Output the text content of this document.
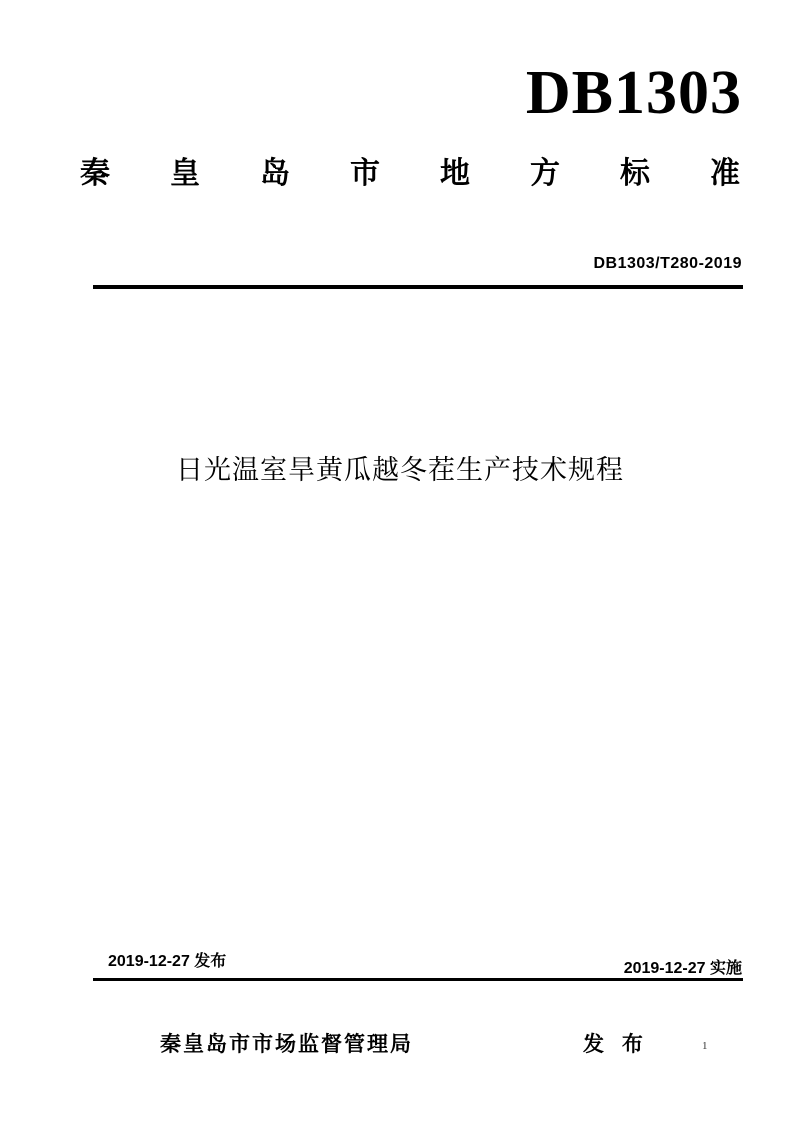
DB1303
秦 皇 岛 市 地 方 标 准
DB1303/T280-2019
日光温室旱黄瓜越冬茬生产技术规程
2019-12-27 发布	2019-12-27 实施
秦皇岛市市场监督管理局	发 布	1
